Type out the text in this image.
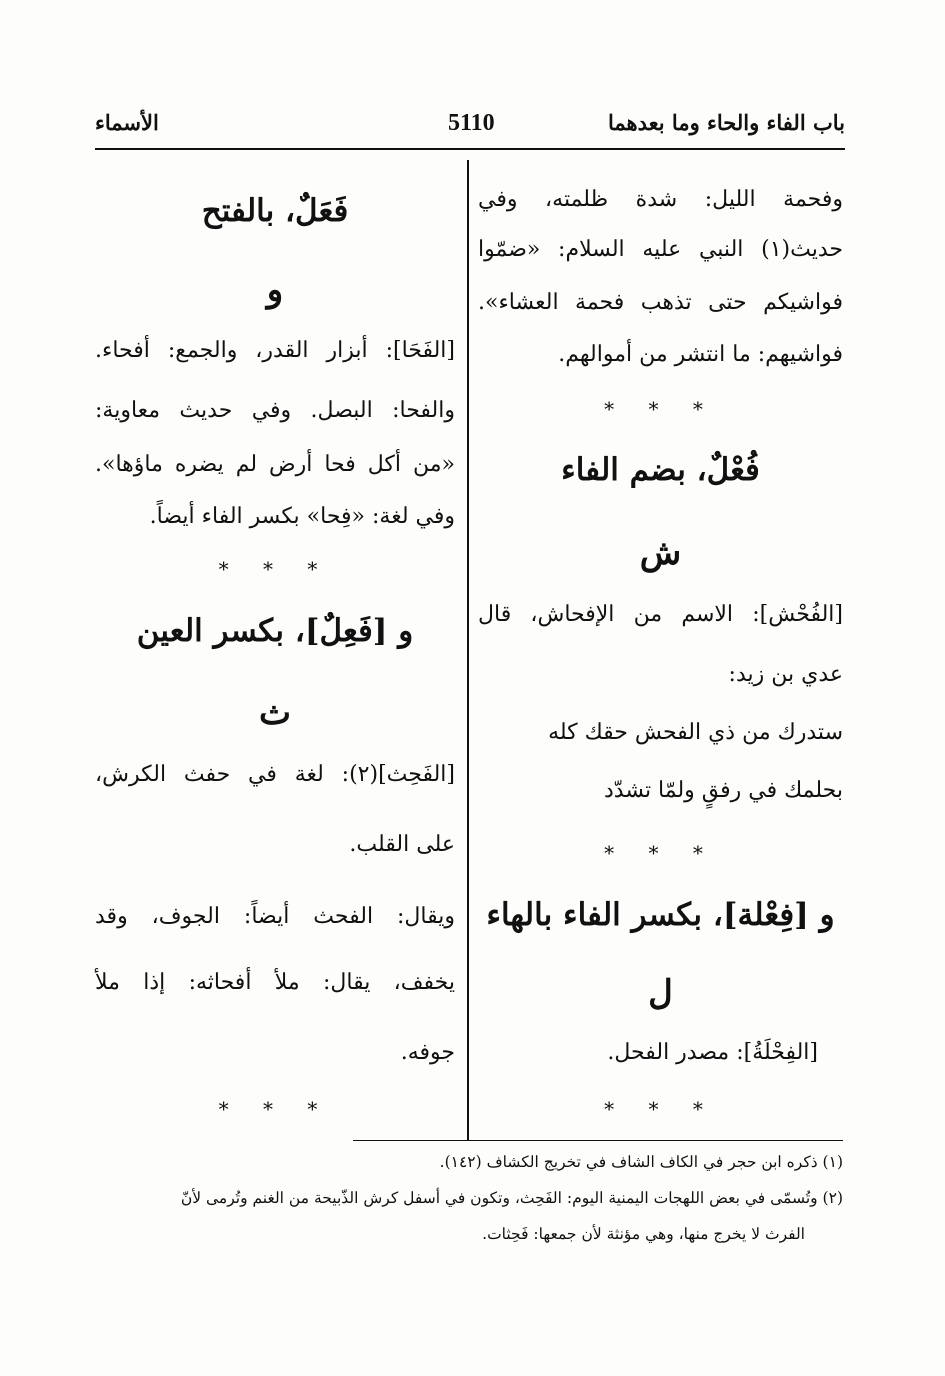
باب الفاء والحاء وما بعدهما
5110
الأسماء
وفحمة الليل: شدة ظلمته، وفي
حديث(١) النبي عليه السلام: «ضمّوا
فواشيكم حتى تذهب فحمة العشاء».
فواشيهم: ما انتشر من أموالهم.
* * *
فُعْلٌ، بضم الفاء
ش
[الفُحْش]: الاسم من الإفحاش، قال
عدي بن زيد:
ستدرك من ذي الفحش حقك كله
بحلمك في رفقٍ ولمّا تشدّد
* * *
و [فِعْلة]، بكسر الفاء بالهاء
ل
[الفِحْلَةُ]: مصدر الفحل.
* * *
فَعَلٌ، بالفتح
و
[الفَحَا]: أبزار القدر، والجمع: أفحاء.
والفحا: البصل. وفي حديث معاوية:
«من أكل فحا أرض لم يضره ماؤها».
وفي لغة: «فِحا» بكسر الفاء أيضاً.
* * *
و [فَعِلٌ]، بكسر العين
ث
[الفَحِث](٢): لغة في حفث الكرش،
على القلب.
ويقال: الفحث أيضاً: الجوف، وقد
يخفف، يقال: ملأ أفحاثه: إذا ملأ
جوفه.
* * *
(١) ذكره ابن حجر في الكاف الشاف في تخريج الكشاف (١٤٢).
(٢) وتُسمّى في بعض اللهجات اليمنية اليوم: الفَحِث، وتكون في أسفل كرش الذّبيحة من الغنم وتُرمى لأنّ
الفرث لا يخرج منها، وهي مؤنثة لأن جمعها: فَحِثات.
